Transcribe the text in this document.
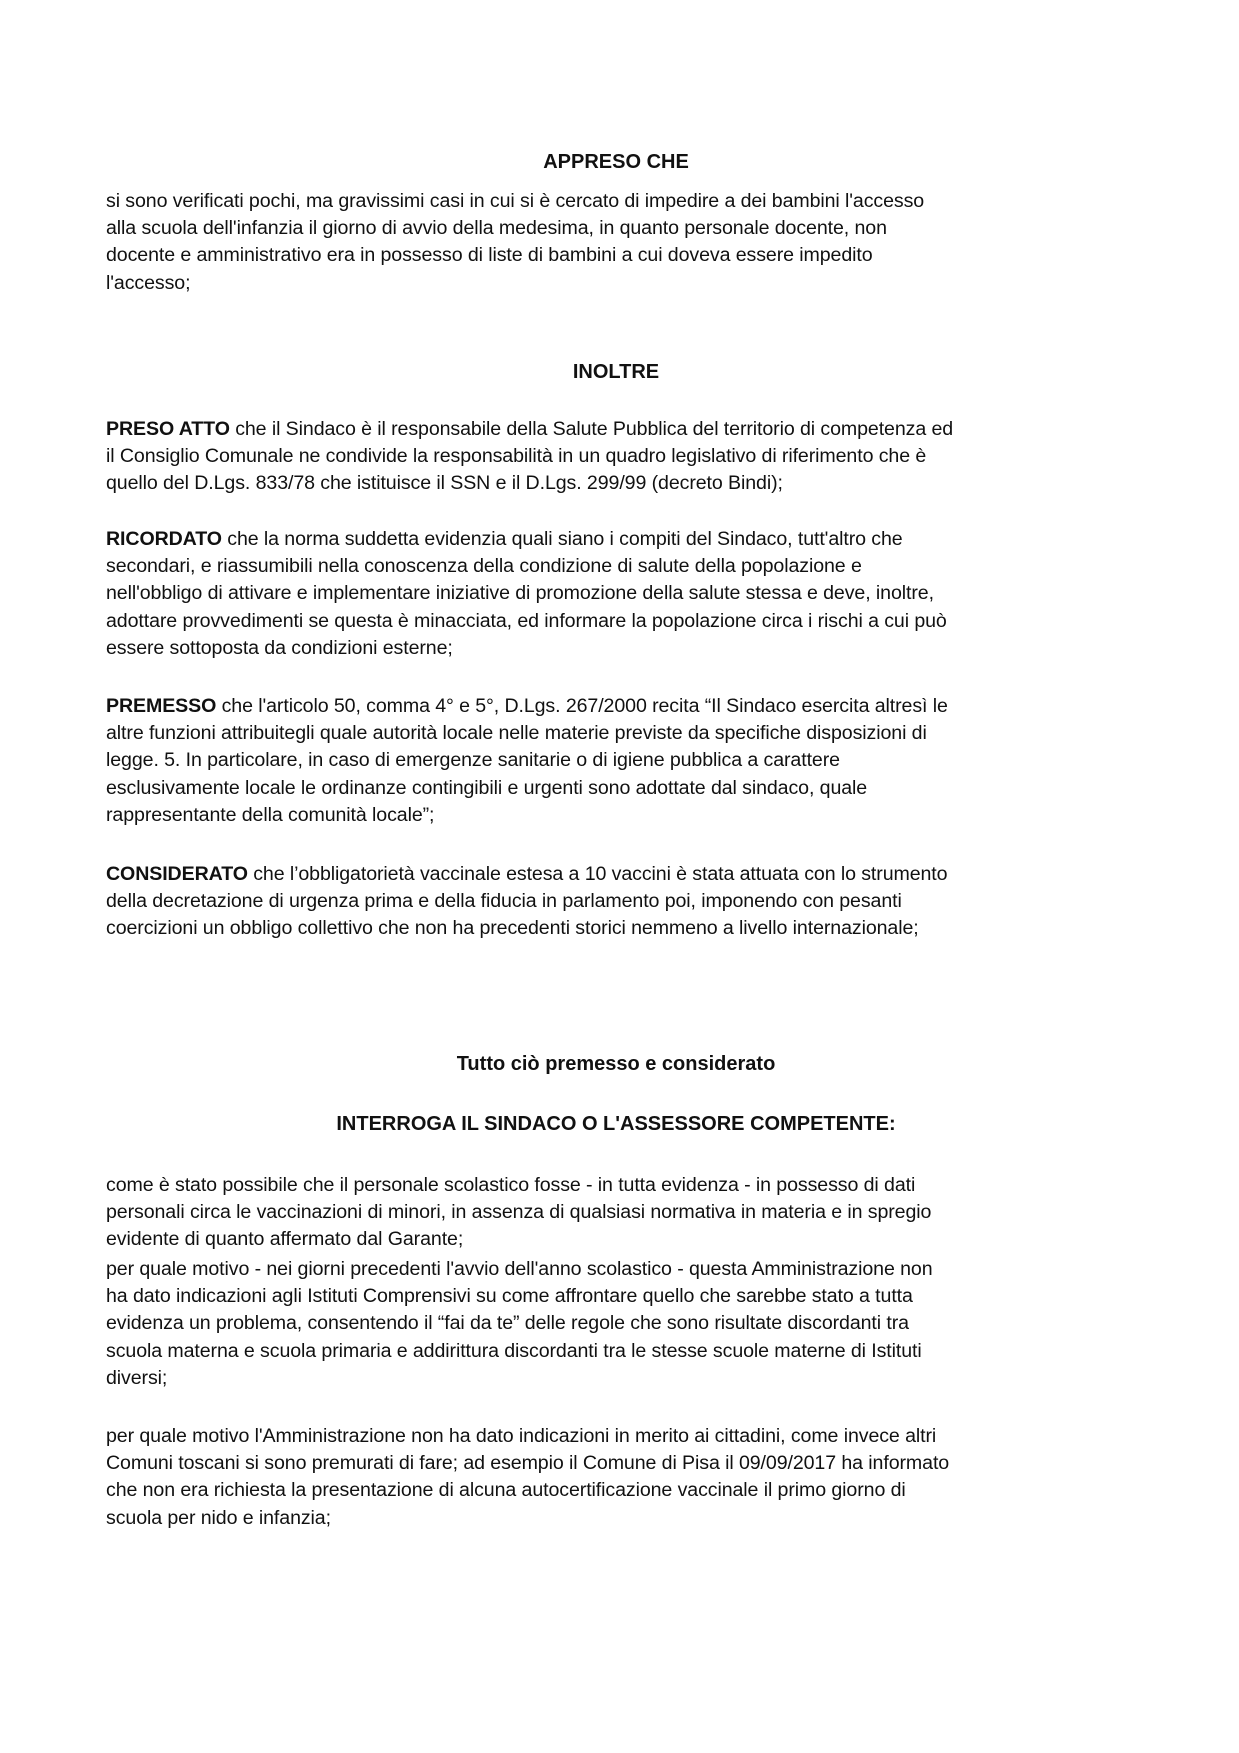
APPRESO CHE

si sono verificati pochi, ma gravissimi casi in cui si è cercato di impedire a dei bambini l'accesso
alla scuola dell'infanzia il giorno di avvio della medesima, in quanto personale docente, non
docente e amministrativo era in possesso di liste di bambini a cui doveva essere impedito
l'accesso;

INOLTRE

PRESO ATTO che il Sindaco è il responsabile della Salute Pubblica del territorio di competenza ed
il Consiglio Comunale ne condivide la responsabilità in un quadro legislativo di riferimento che è
quello del D.Lgs. 833/78 che istituisce il SSN e il D.Lgs. 299/99 (decreto Bindi);

RICORDATO che la norma suddetta evidenzia quali siano i compiti del Sindaco, tutt'altro che
secondari, e riassumibili nella conoscenza della condizione di salute della popolazione e
nell'obbligo di attivare e implementare iniziative di promozione della salute stessa e deve, inoltre,
adottare provvedimenti se questa è minacciata, ed informare la popolazione circa i rischi a cui può
essere sottoposta da condizioni esterne;

PREMESSO che l'articolo 50, comma 4° e 5°, D.Lgs. 267/2000 recita “Il Sindaco esercita altresì le
altre funzioni attribuitegli quale autorità locale nelle materie previste da specifiche disposizioni di
legge. 5. In particolare, in caso di emergenze sanitarie o di igiene pubblica a carattere
esclusivamente locale le ordinanze contingibili e urgenti sono adottate dal sindaco, quale
rappresentante della comunità locale”;

CONSIDERATO che l’obbligatorietà vaccinale estesa a 10 vaccini è stata attuata con lo strumento
della decretazione di urgenza prima e della fiducia in parlamento poi, imponendo con pesanti
coercizioni un obbligo collettivo che non ha precedenti storici nemmeno a livello internazionale;

Tutto ciò premesso e considerato
INTERROGA IL SINDACO O L'ASSESSORE COMPETENTE:

come è stato possibile che il personale scolastico fosse - in tutta evidenza - in possesso di dati
personali circa le vaccinazioni di minori, in assenza di qualsiasi normativa in materia e in spregio
evidente di quanto affermato dal Garante;

per quale motivo - nei giorni precedenti l'avvio dell'anno scolastico - questa Amministrazione non
ha dato indicazioni agli Istituti Comprensivi su come affrontare quello che sarebbe stato a tutta
evidenza un problema, consentendo il “fai da te” delle regole che sono risultate discordanti tra
scuola materna e scuola primaria e addirittura discordanti tra le stesse scuole materne di Istituti
diversi;

per quale motivo l'Amministrazione non ha dato indicazioni in merito ai cittadini, come invece altri
Comuni toscani si sono premurati di fare; ad esempio il Comune di Pisa il 09/09/2017 ha informato
che non era richiesta la presentazione di alcuna autocertificazione vaccinale il primo giorno di
scuola per nido e infanzia;
